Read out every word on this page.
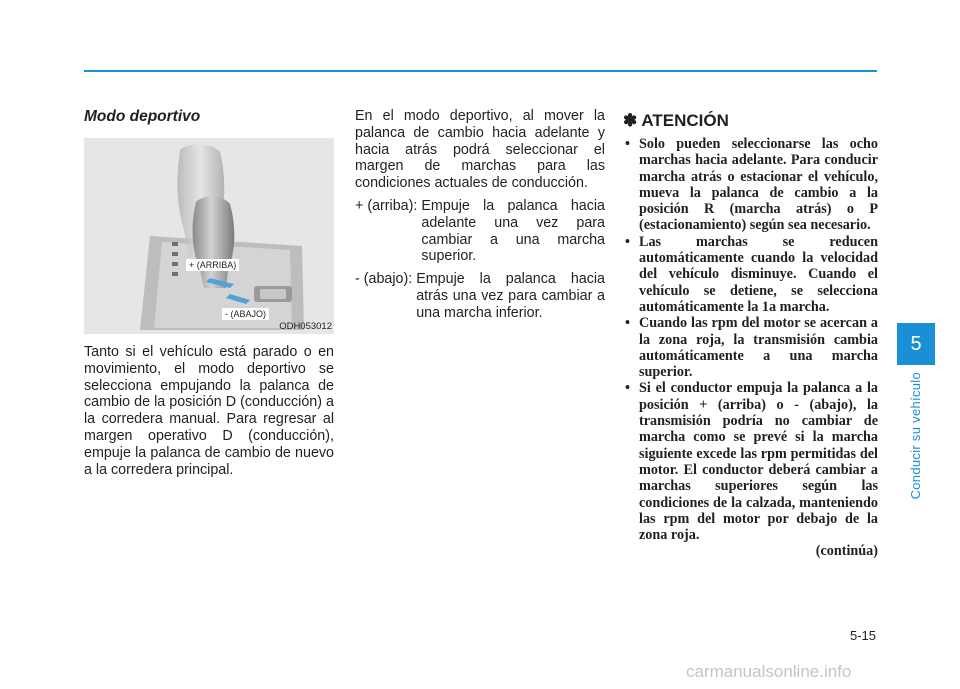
Modo deportivo
+ (ARRIBA)
- (ABAJO)
ODH053012

Tanto si el vehículo está parado o en movimiento, el modo deportivo se selecciona empujando la palanca de cambio de la posición D (conducción) a la corredera manual. Para regresar al margen operativo D (conducción), empuje la palanca de cambio de nuevo a la corredera principal.

En el modo deportivo, al mover la palanca de cambio hacia adelante y hacia atrás podrá seleccionar el margen de marchas para las condiciones actuales de conducción.

+ (arriba): Empuje la palanca hacia adelante una vez para cambiar a una marcha superior.
- (abajo): Empuje la palanca hacia atrás una vez para cambiar a una marcha inferior.
✽ ATENCIÓN
• Solo pueden seleccionarse las ocho marchas hacia adelante. Para conducir marcha atrás o estacionar el vehículo, mueva la palanca de cambio a la posición R (marcha atrás) o P (estacionamiento) según sea necesario.
• Las marchas se reducen automáticamente cuando la velocidad del vehículo disminuye. Cuando el vehículo se detiene, se selecciona automáticamente la 1a marcha.
• Cuando las rpm del motor se acercan a la zona roja, la transmisión cambia automáticamente a una marcha superior.
• Si el conductor empuja la palanca a la posición + (arriba) o - (abajo), la transmisión podría no cambiar de marcha como se prevé si la marcha siguiente excede las rpm permitidas del motor. El conductor deberá cambiar a marchas superiores según las condiciones de la calzada, manteniendo las rpm del motor por debajo de la zona roja.
(continúa)
5
Conducir su vehículo
5-15
carmanualsonline.info
